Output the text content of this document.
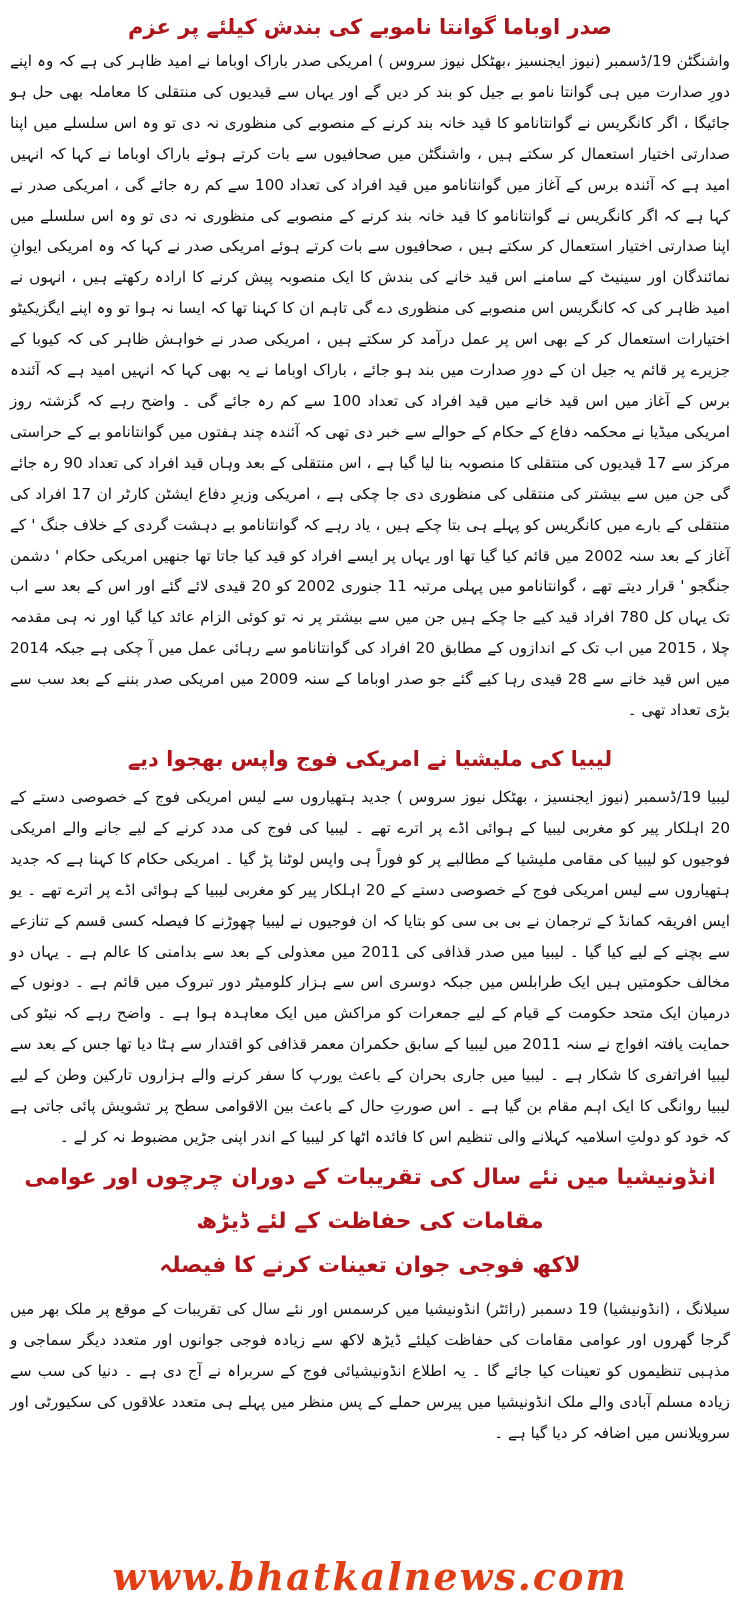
صدر اوباما گوانتا ناموبے کی بندش کیلئے پر عزم

واشنگٹن 19/ڈسمبر (نیوز ایجنسیز ،بھٹکل نیوز سروس ) امریکی صدر باراک اوباما نے امید ظاہر کی ہے کہ وہ اپنے دورِ صدارت میں ہی گوانتا نامو بے جیل کو بند کر دیں گے اور یہاں سے قیدیوں کی منتقلی کا معاملہ بھی حل ہو جائیگا ، اگر کانگریس نے گوانتانامو کا قید خانہ بند کرنے کے منصوبے کی منظوری نہ دی تو وہ اس سلسلے میں اپنا صدارتی اختیار استعمال کر سکتے ہیں ، واشنگٹن میں صحافیوں سے بات کرتے ہوئے باراک اوباما نے کہا کہ انہیں امید ہے کہ آئندہ برس کے آغاز میں گوانتانامو میں قید افراد کی تعداد 100 سے کم رہ جائے گی ، امریکی صدر نے کہا ہے کہ اگر کانگریس نے گوانتانامو کا قید خانہ بند کرنے کے منصوبے کی منظوری نہ دی تو وہ اس سلسلے میں اپنا صدارتی اختیار استعمال کر سکتے ہیں ، صحافیوں سے بات کرتے ہوئے امریکی صدر نے کہا کہ وہ امریکی ایوانِ نمائندگان اور سینیٹ کے سامنے اس قید خانے کی بندش کا ایک منصوبہ پیش کرنے کا ارادہ رکھتے ہیں ، انہوں نے امید ظاہر کی کہ کانگریس اس منصوبے کی منظوری دے گی تاہم ان کا کہنا تھا کہ ایسا نہ ہوا تو وہ اپنے ایگزیکیٹو اختیارات استعمال کر کے بھی اس پر عمل درآمد کر سکتے ہیں ، امریکی صدر نے خواہش ظاہر کی کہ کیوبا کے جزیرے پر قائم یہ جیل ان کے دورِ صدارت میں بند ہو جائے ، باراک اوباما نے یہ بھی کہا کہ انہیں امید ہے کہ آئندہ برس کے آغاز میں اس قید خانے میں قید افراد کی تعداد 100 سے کم رہ جائے گی ۔ واضح رہے کہ گزشتہ روز امریکی میڈیا نے محکمہ دفاع کے حکام کے حوالے سے خبر دی تھی کہ آئندہ چند ہفتوں میں گوانتانامو بے کے حراستی مرکز سے 17 قیدیوں کی منتقلی کا منصوبہ بنا لیا گیا ہے ، اس منتقلی کے بعد وہاں قید افراد کی تعداد 90 رہ جائے گی جن میں سے بیشتر کی منتقلی کی منظوری دی جا چکی ہے ، امریکی وزیرِ دفاع ایشٹن کارٹر ان 17 افراد کی منتقلی کے بارے میں کانگریس کو پہلے ہی بتا چکے ہیں ، یاد رہے کہ گوانتانامو بے دہشت گردی کے خلاف جنگ ' کے آغاز کے بعد سنہ 2002 میں قائم کیا گیا تھا اور یہاں پر ایسے افراد کو قید کیا جاتا تھا جنھیں امریکی حکام ' دشمن جنگجو ' قرار دیتے تھے ، گوانتانامو میں پہلی مرتبہ 11 جنوری 2002 کو 20 قیدی لائے گئے اور اس کے بعد سے اب تک یہاں کل 780 افراد قید کیے جا چکے ہیں جن میں سے بیشتر پر نہ تو کوئی الزام عائد کیا گیا اور نہ ہی مقدمہ چلا ، 2015 میں اب تک کے اندازوں کے مطابق 20 افراد کی گوانتانامو سے رہائی عمل میں آ چکی ہے جبکہ 2014 میں اس قید خانے سے 28 قیدی رہا کیے گئے جو صدر اوباما کے سنہ 2009 میں امریکی صدر بننے کے بعد سب سے بڑی تعداد تھی ۔

لیبیا کی ملیشیا نے امریکی فوج واپس بھجوا دیے

لیبیا 19/ڈسمبر (نیوز ایجنسیز ، بھٹکل نیوز سروس ) جدید ہتھیاروں سے لیس امریکی فوج کے خصوصی دستے کے 20 اہلکار پیر کو مغربی لیبیا کے ہوائی اڈے پر اترے تھے ۔ لیبیا کی فوج کی مدد کرنے کے لیے جانے والے امریکی فوجیوں کو لیبیا کی مقامی ملیشیا کے مطالبے پر کو فوراً ہی واپس لوٹنا پڑ گیا ۔ امریکی حکام کا کہنا ہے کہ جدید ہتھیاروں سے لیس امریکی فوج کے خصوصی دستے کے 20 اہلکار پیر کو مغربی لیبیا کے ہوائی اڈے پر اترے تھے ۔ یو ایس افریقہ کمانڈ کے ترجمان نے بی بی سی کو بتایا کہ ان فوجیوں نے لیبیا چھوڑنے کا فیصلہ کسی قسم کے تنازعے سے بچنے کے لیے کیا گیا ۔ لیبیا میں صدر قذافی کی 2011 میں معذولی کے بعد سے بدامنی کا عالم ہے ۔ یہاں دو مخالف حکومتیں ہیں ایک طرابلس میں جبکہ دوسری اس سے ہزار کلومیٹر دور تبروک میں قائم ہے ۔ دونوں کے درمیان ایک متحد حکومت کے قیام کے لیے جمعرات کو مراکش میں ایک معاہدہ ہوا ہے ۔ واضح رہے کہ نیٹو کی حمایت یافتہ افواج نے سنہ 2011 میں لیبیا کے سابق حکمران معمر قذافی کو اقتدار سے ہٹا دیا تھا جس کے بعد سے لیبیا افراتفری کا شکار ہے ۔ لیبیا میں جاری بحران کے باعث یورپ کا سفر کرنے والے ہزاروں تارکین وطن کے لیے لیبیا روانگی کا ایک اہم مقام بن گیا ہے ۔ اس صورتِ حال کے باعث بین الاقوامی سطح پر تشویش پائی جاتی ہے کہ خود کو دولتِ اسلامیہ کہلانے والی تنظیم اس کا فائدہ اٹھا کر لیبیا کے اندر اپنی جڑیں مضبوط نہ کر لے ۔

انڈونیشیا میں نئے سال کی تقریبات کے دوران چرچوں اور عوامی مقامات کی حفاظت کے لئے ڈیڑھ
لاکھ فوجی جوان تعینات کرنے کا فیصلہ

سیلانگ ، (انڈونیشیا) 19 دسمبر (رائٹر) انڈونیشیا میں کرسمس اور نئے سال کی تقریبات کے موقع پر ملک بھر میں گرجا گھروں اور عوامی مقامات کی حفاظت کیلئے ڈیڑھ لاکھ سے زیادہ فوجی جوانوں اور متعدد دیگر سماجی و مذہبی تنظیموں کو تعینات کیا جائے گا ۔ یہ اطلاع انڈونیشیائی فوج کے سربراہ نے آج دی ہے ۔ دنیا کی سب سے زیادہ مسلم آبادی والے ملک انڈونیشیا میں پیرس حملے کے پس منظر میں پہلے ہی متعدد علاقوں کی سکیورٹی اور سرویلانس میں اضافہ کر دیا گیا ہے ۔

www.bhatkalnews.com
